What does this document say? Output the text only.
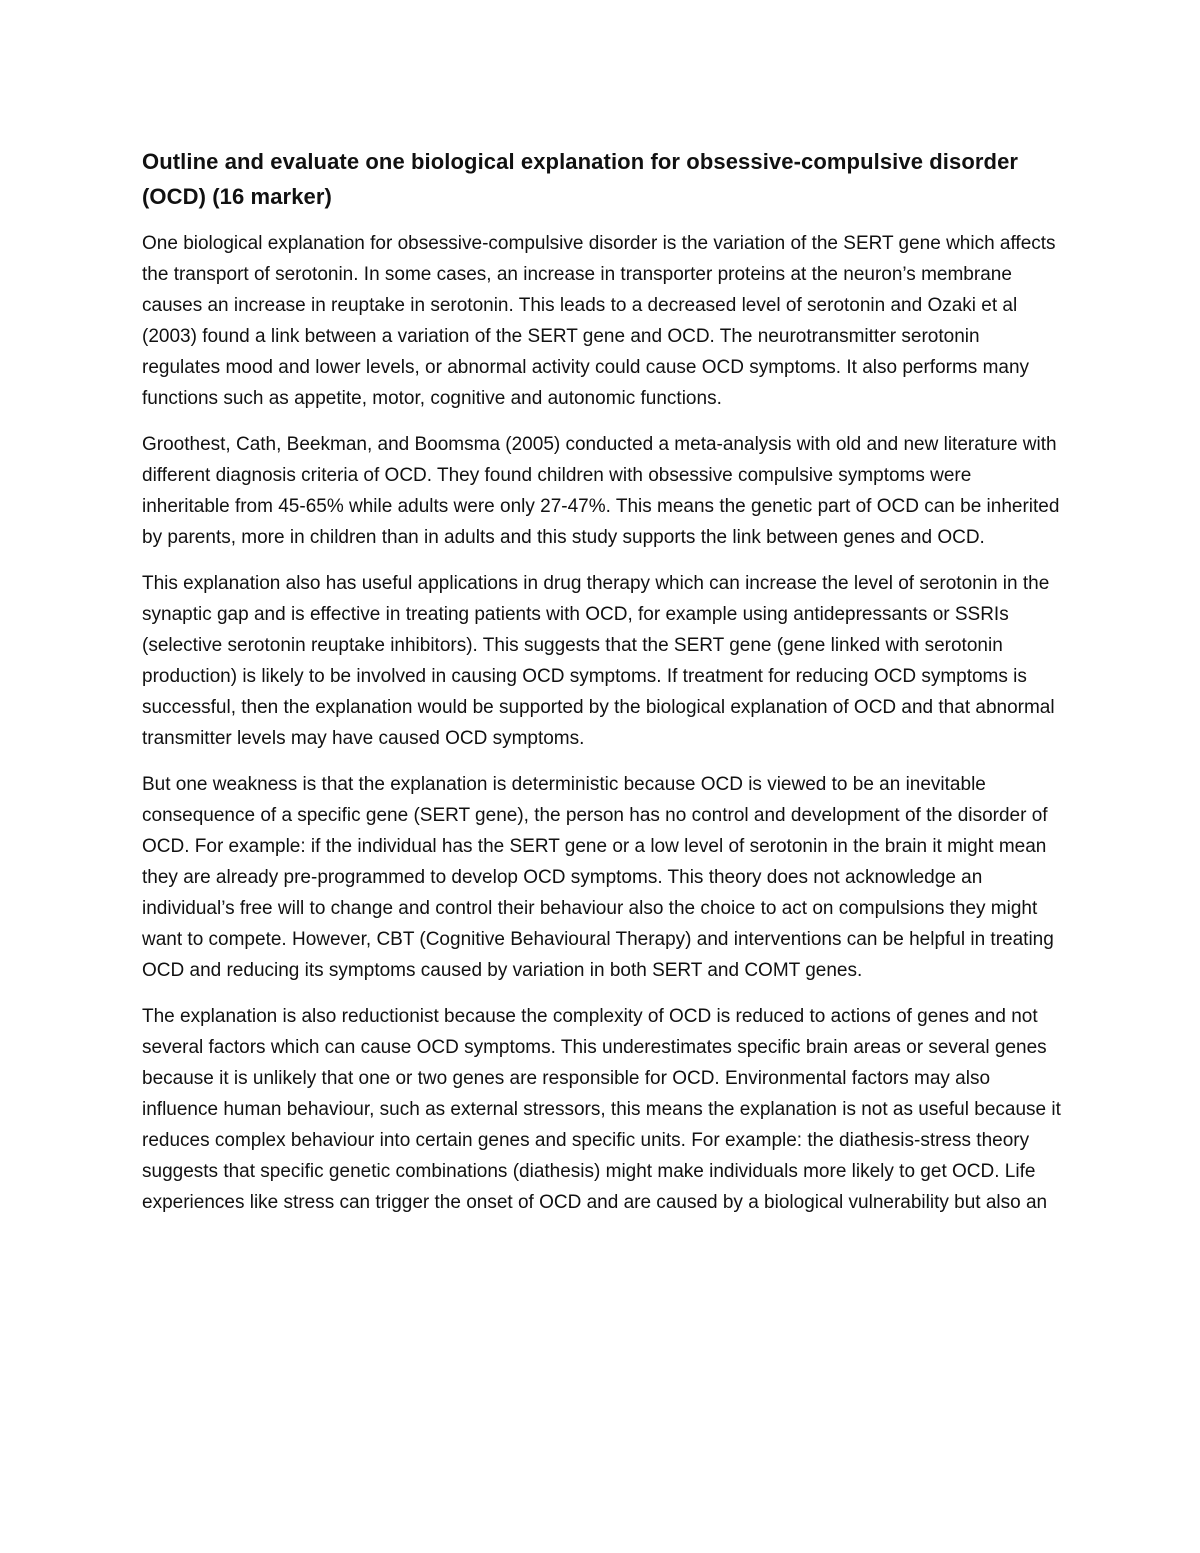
Outline and evaluate one biological explanation for obsessive-compulsive disorder (OCD) (16 marker)

One biological explanation for obsessive-compulsive disorder is the variation of the SERT gene which affects the transport of serotonin. In some cases, an increase in transporter proteins at the neuron’s membrane causes an increase in reuptake in serotonin. This leads to a decreased level of serotonin and Ozaki et al (2003) found a link between a variation of the SERT gene and OCD. The neurotransmitter serotonin regulates mood and lower levels, or abnormal activity could cause OCD symptoms. It also performs many functions such as appetite, motor, cognitive and autonomic functions.

Groothest, Cath, Beekman, and Boomsma (2005) conducted a meta-analysis with old and new literature with different diagnosis criteria of OCD. They found children with obsessive compulsive symptoms were inheritable from 45-65% while adults were only 27-47%. This means the genetic part of OCD can be inherited by parents, more in children than in adults and this study supports the link between genes and OCD.

This explanation also has useful applications in drug therapy which can increase the level of serotonin in the synaptic gap and is effective in treating patients with OCD, for example using antidepressants or SSRIs (selective serotonin reuptake inhibitors). This suggests that the SERT gene (gene linked with serotonin production) is likely to be involved in causing OCD symptoms. If treatment for reducing OCD symptoms is successful, then the explanation would be supported by the biological explanation of OCD and that abnormal transmitter levels may have caused OCD symptoms.

But one weakness is that the explanation is deterministic because OCD is viewed to be an inevitable consequence of a specific gene (SERT gene), the person has no control and development of the disorder of OCD. For example: if the individual has the SERT gene or a low level of serotonin in the brain it might mean they are already pre-programmed to develop OCD symptoms. This theory does not acknowledge an individual’s free will to change and control their behaviour also the choice to act on compulsions they might want to compete. However, CBT (Cognitive Behavioural Therapy) and interventions can be helpful in treating OCD and reducing its symptoms caused by variation in both SERT and COMT genes.

The explanation is also reductionist because the complexity of OCD is reduced to actions of genes and not several factors which can cause OCD symptoms. This underestimates specific brain areas or several genes because it is unlikely that one or two genes are responsible for OCD. Environmental factors may also influence human behaviour, such as external stressors, this means the explanation is not as useful because it reduces complex behaviour into certain genes and specific units. For example: the diathesis-stress theory suggests that specific genetic combinations (diathesis) might make individuals more likely to get OCD. Life experiences like stress can trigger the onset of OCD and are caused by a biological vulnerability but also an
